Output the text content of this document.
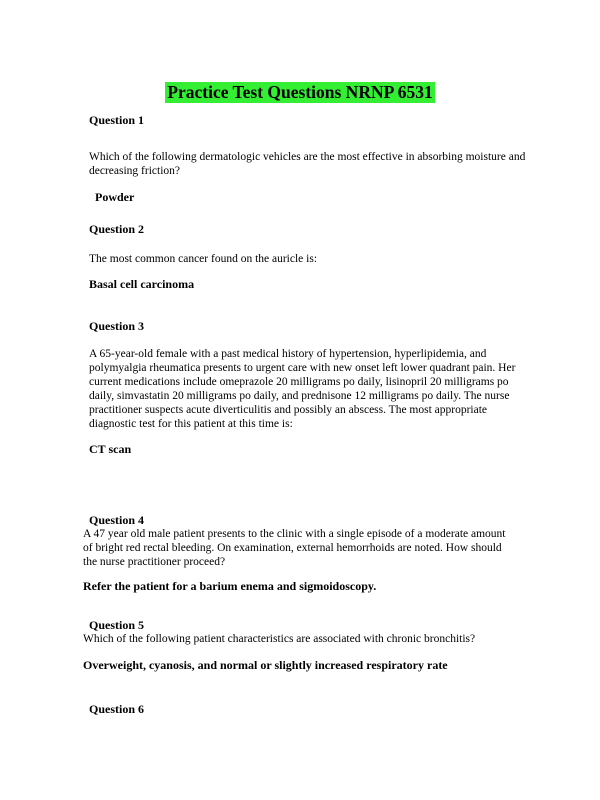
Practice Test Questions NRNP 6531
Question 1
Which of the following dermatologic vehicles are the most effective in absorbing moisture and decreasing friction?
Powder
Question 2
The most common cancer found on the auricle is:
Basal cell carcinoma
Question 3
A 65-year-old female with a past medical history of hypertension, hyperlipidemia, and polymyalgia rheumatica presents to urgent care with new onset left lower quadrant pain. Her current medications include omeprazole 20 milligrams po daily, lisinopril 20 milligrams po daily, simvastatin 20 milligrams po daily, and prednisone 12 milligrams po daily. The nurse practitioner suspects acute diverticulitis and possibly an abscess. The most appropriate diagnostic test for this patient at this time is:
CT scan
Question 4
A 47 year old male patient presents to the clinic with a single episode of a moderate amount of bright red rectal bleeding. On examination, external hemorrhoids are noted. How should the nurse practitioner proceed?
Refer the patient for a barium enema and sigmoidoscopy.
Question 5
Which of the following patient characteristics are associated with chronic bronchitis?
Overweight, cyanosis, and normal or slightly increased respiratory rate
Question 6
